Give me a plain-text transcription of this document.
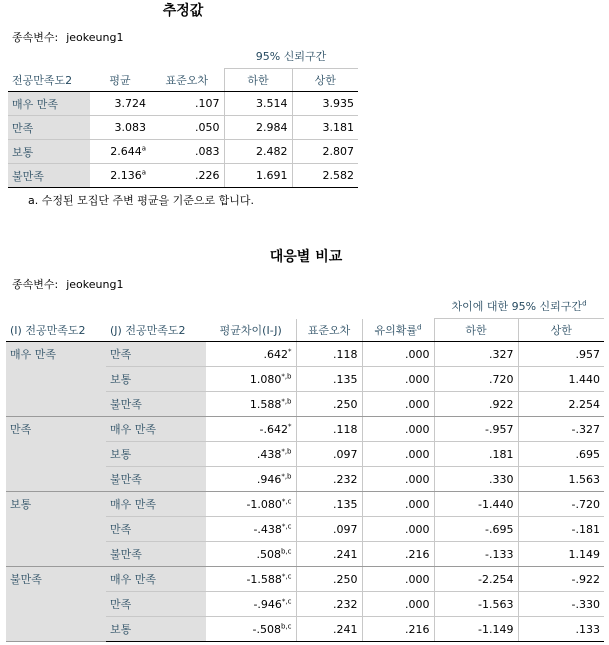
추정값
종속변수: jeokeung1
			95% 신뢰구간	
전공만족도2	평균	표준오차	하한	상한
매우 만족	3.724	.107	3.514	3.935
만족	3.083	.050	2.984	3.181
보통	2.644$^a$	.083	2.482	2.807
불만족	2.136$^a$	.226	1.691	2.582
a. 수정된 모집단 주변 평균을 기준으로 합니다.
대응별 비교
종속변수: jeokeung1
					차이에 대한 95% 신뢰구간$^d$
(I) 전공만족도2	(J) 전공만족도2	평균차이(I-J)	표준오차	유의확률$^d$	하한	상한
매우 만족	만족	.642*	.118	.000	.327	.957
	보통	$1.080^{*,b}$	.135	.000	.720	1.440
	불만족	$1.588^{*,b}$	.250	.000	.922	2.254
만족	매우 만족	-.642*	.118	.000	-.957	-.327
	보통	$.438^{*,b}$	.097	.000	.181	.695
	불만족	$.946^{*,b}$	.232	.000	.330	1.563
보통	매우 만족	$-1.080^{*,c}$	.135	.000	-1.440	-.720
	만족	$-.438^{*,c}$	.097	.000	-.695	-.181
	불만족	.508$^{b,c}$	.241	.216	-.133	1.149
불만족	매우 만족	$-1.588^{*,c}$	.250	.000	-2.254	-.922
	만족	$-.946^{*,c}$	.232	.000	-1.563	-.330
	보통	-.508$^{b,c}$	.241	.216	-1.149	.133
